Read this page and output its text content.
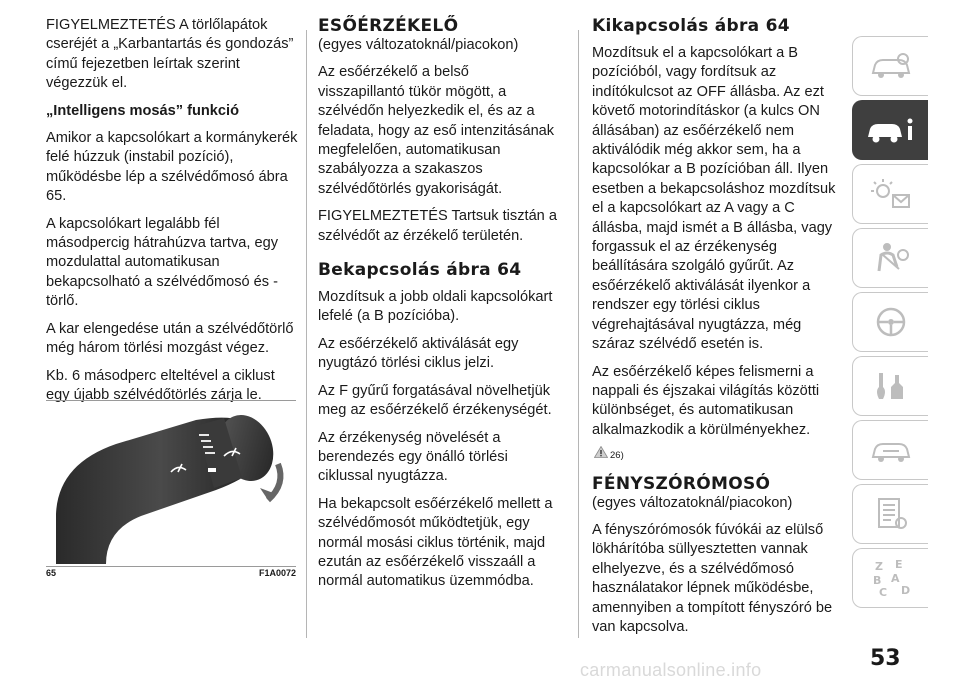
FIGYELMEZTETÉS A törlőlapátok cseréjét a „Karbantartás és gondozás” című fejezetben leírtak szerint végezzük el.

„Intelligens mosás” funkció

Amikor a kapcsolókart a kormánykerék felé húzzuk (instabil pozíció), működésbe lép a szélvédőmosó ábra 65.

A kapcsolókart legalább fél másodpercig hátrahúzva tartva, egy mozdulattal automatikusan bekapcsolható a szélvédőmosó és -törlő.

A kar elengedése után a szélvédőtörlő még három törlési mozgást végez.

Kb. 6 másodperc elteltével a ciklust egy újabb szélvédőtörlés zárja le.

65	F1A0072
ESŐÉRZÉKELŐ

(egyes változatoknál/piacokon)

Az esőérzékelő a belső visszapillantó tükör mögött, a szélvédőn helyezkedik el, és az a feladata, hogy az eső intenzitásának megfelelően, automatikusan szabályozza a szakaszos szélvédőtörlés gyakoriságát.

FIGYELMEZTETÉS Tartsuk tisztán a szélvédőt az érzékelő területén.

Bekapcsolás ábra 64

Mozdítsuk a jobb oldali kapcsolókart lefelé (a B pozícióba).

Az esőérzékelő aktiválását egy nyugtázó törlési ciklus jelzi.

Az F gyűrű forgatásával növelhetjük meg az esőérzékelő érzékenységét.

Az érzékenység növelését a berendezés egy önálló törlési ciklussal nyugtázza.

Ha bekapcsolt esőérzékelő mellett a szélvédőmosót működtetjük, egy normál mosási ciklus történik, majd ezután az esőérzékelő visszaáll a normál automatikus üzemmódba.

Kikapcsolás ábra 64

Mozdítsuk el a kapcsolókart a B pozícióból, vagy fordítsuk az indítókulcsot az OFF állásba. Az ezt követő motorindításkor (a kulcs ON állásában) az esőérzékelő nem aktiválódik még akkor sem, ha a kapcsolókar a B pozícióban áll. Ilyen esetben a bekapcsoláshoz mozdítsuk el a kapcsolókart az A vagy a C állásba, majd ismét a B állásba, vagy forgassuk el az érzékenység beállítására szolgáló gyűrűt. Az esőérzékelő aktiválását ilyenkor a rendszer egy törlési ciklus végrehajtásával nyugtázza, még száraz szélvédő esetén is.

Az esőérzékelő képes felismerni a nappali és éjszakai világítás közötti különbséget, és automatikusan alkalmazkodik a körülményekhez.

26)
FÉNYSZÓRÓMOSÓ

(egyes változatoknál/piacokon)

A fényszórómosók fúvókái az elülső lökhárítóba süllyesztetten vannak elhelyezve, és a szélvédőmosó használatakor lépnek működésbe, amennyiben a tompított fényszóró be van kapcsolva.

Z E
B A
C D
53
carmanualsonline.info
